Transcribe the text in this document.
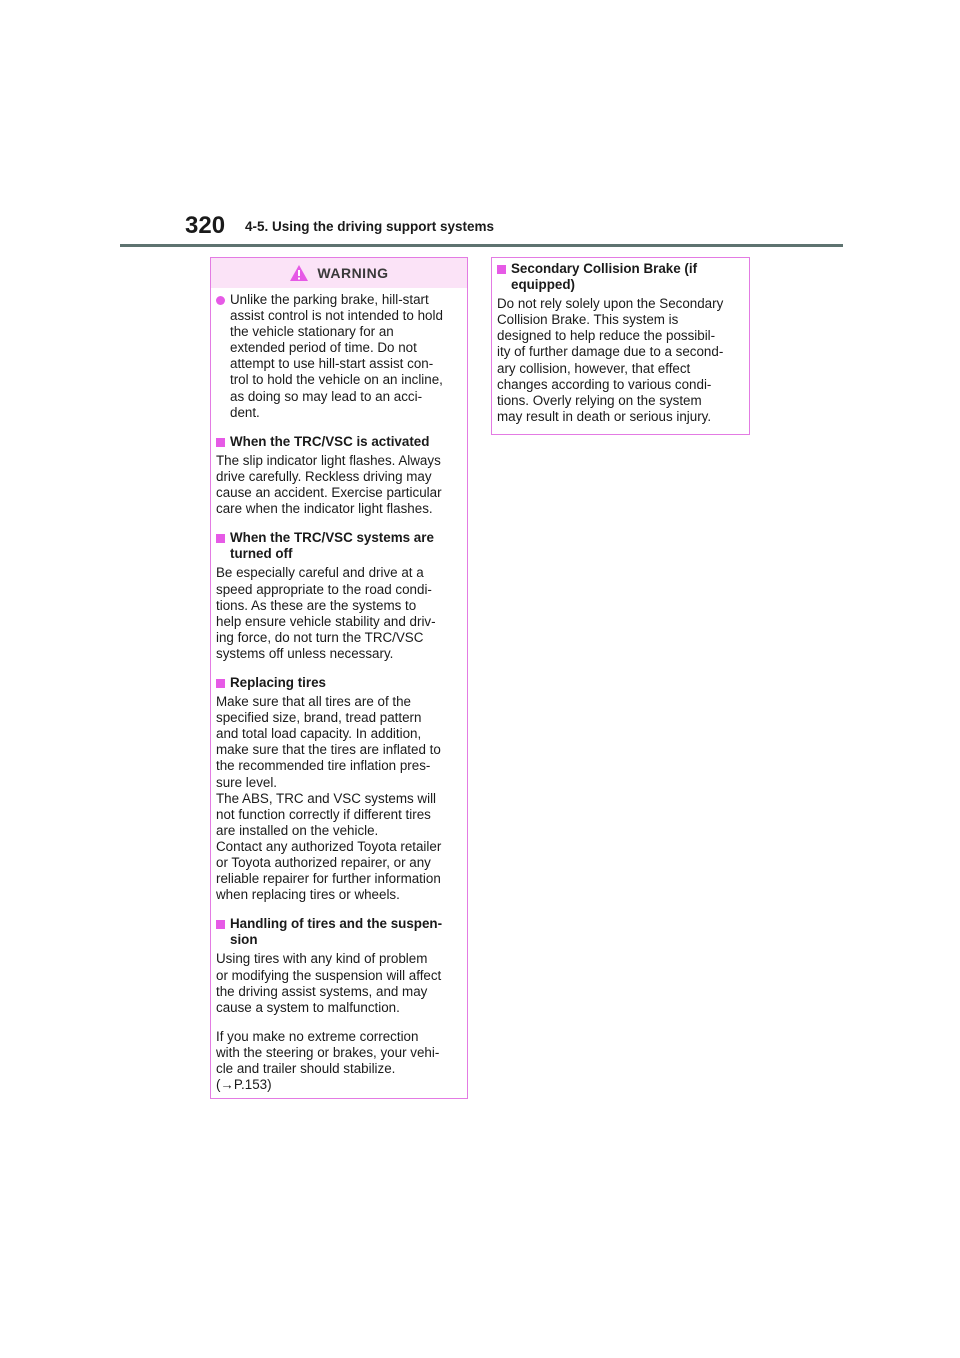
320 4-5. Using the driving support systems
WARNING
Unlike the parking brake, hill-start
assist control is not intended to hold
the vehicle stationary for an
extended period of time. Do not
attempt to use hill-start assist con-
trol to hold the vehicle on an incline,
as doing so may lead to an acci-
dent.
When the TRC/VSC is activated
The slip indicator light flashes. Always
drive carefully. Reckless driving may
cause an accident. Exercise particular
care when the indicator light flashes.
When the TRC/VSC systems are
turned off
Be especially careful and drive at a
speed appropriate to the road condi-
tions. As these are the systems to
help ensure vehicle stability and driv-
ing force, do not turn the TRC/VSC
systems off unless necessary.
Replacing tires
Make sure that all tires are of the
specified size, brand, tread pattern
and total load capacity. In addition,
make sure that the tires are inflated to
the recommended tire inflation pres-
sure level.
The ABS, TRC and VSC systems will
not function correctly if different tires
are installed on the vehicle.
Contact any authorized Toyota retailer
or Toyota authorized repairer, or any
reliable repairer for further information
when replacing tires or wheels.
Handling of tires and the suspen-
sion
Using tires with any kind of problem
or modifying the suspension will affect
the driving assist systems, and may
cause a system to malfunction.
If you make no extreme correction
with the steering or brakes, your vehi-
cle and trailer should stabilize.
(→P.153)
Secondary Collision Brake (if
equipped)
Do not rely solely upon the Secondary
Collision Brake. This system is
designed to help reduce the possibil-
ity of further damage due to a second-
ary collision, however, that effect
changes according to various condi-
tions. Overly relying on the system
may result in death or serious injury.
